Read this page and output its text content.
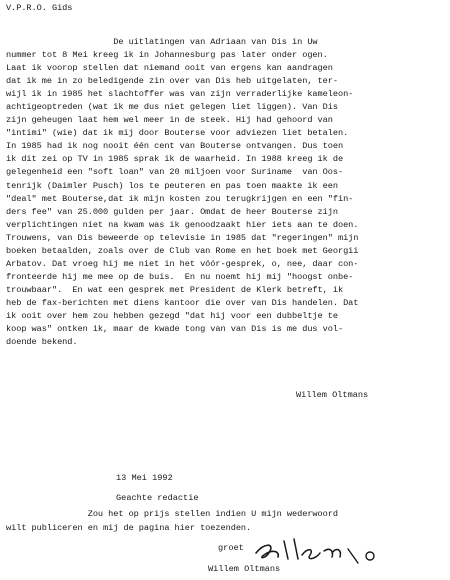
V.P.R.O. Gids
De uitlatingen van Adriaan van Dis in Uw
nummer tot 8 Mei kreeg ik in Johannesburg pas later onder ogen.
Laat ik voorop stellen dat niemand ooit van ergens kan aandragen
dat ik me in zo beledigende zin over van Dis heb uitgelaten, ter-
wijl ik in 1985 het slachtoffer was van zijn verraderlijke kameleon-
achtigeoptreden (wat ik me dus niet gelegen liet liggen). Van Dis
zijn geheugen laat hem wel meer in de steek. Hij had gehoord van
"intimi" (wie) dat ik mij door Bouterse voor adviezen liet betalen.
In 1985 had ik nog nooit één cent van Bouterse ontvangen. Dus toen
ik dit zei op TV in 1985 sprak ik de waarheid. In 1988 kreeg ik de
gelegenheid een "soft loan" van 20 miljoen voor Suriname  van Oos-
tenrijk (Daimler Pusch) los te peuteren en pas toen maakte ik een
"deal" met Bouterse,dat ik mijn kosten zou terugkrijgen en een "fin-
ders fee" van 25.000 gulden per jaar. Omdat de heer Bouterse zijn
verplichtingen niet na kwam was ik genoodzaakt hier iets aan te doen.
Trouwens, van Dis beweerde op televisie in 1985 dat "regeringen" mijn
boeken betaalden, zoals over de Club van Rome en het boek met Georgii
Arbatov. Dat vroeg hij me niet in het vóór-gesprek, o, nee, daar con-
fronteerde hij me mee op de buis.  En nu noemt hij mij "hoogst onbe-
trouwbaar".  En wat een gesprek met President de Klerk betreft, ik
heb de fax-berichten met diens kantoor die over van Dis handelen. Dat
ik ooit over hem zou hebben gezegd "dat hij voor een dubbeltje te
koop was" ontken ik, maar de kwade tong van van Dis is me dus vol-
doende bekend.
Willem Oltmans
13 Mei 1992
Geachte redactie
Zou het op prijs stellen indien U mijn wederwoord
wilt publiceren en mij de pagina hier toezenden.
groet
Willem Oltmans
